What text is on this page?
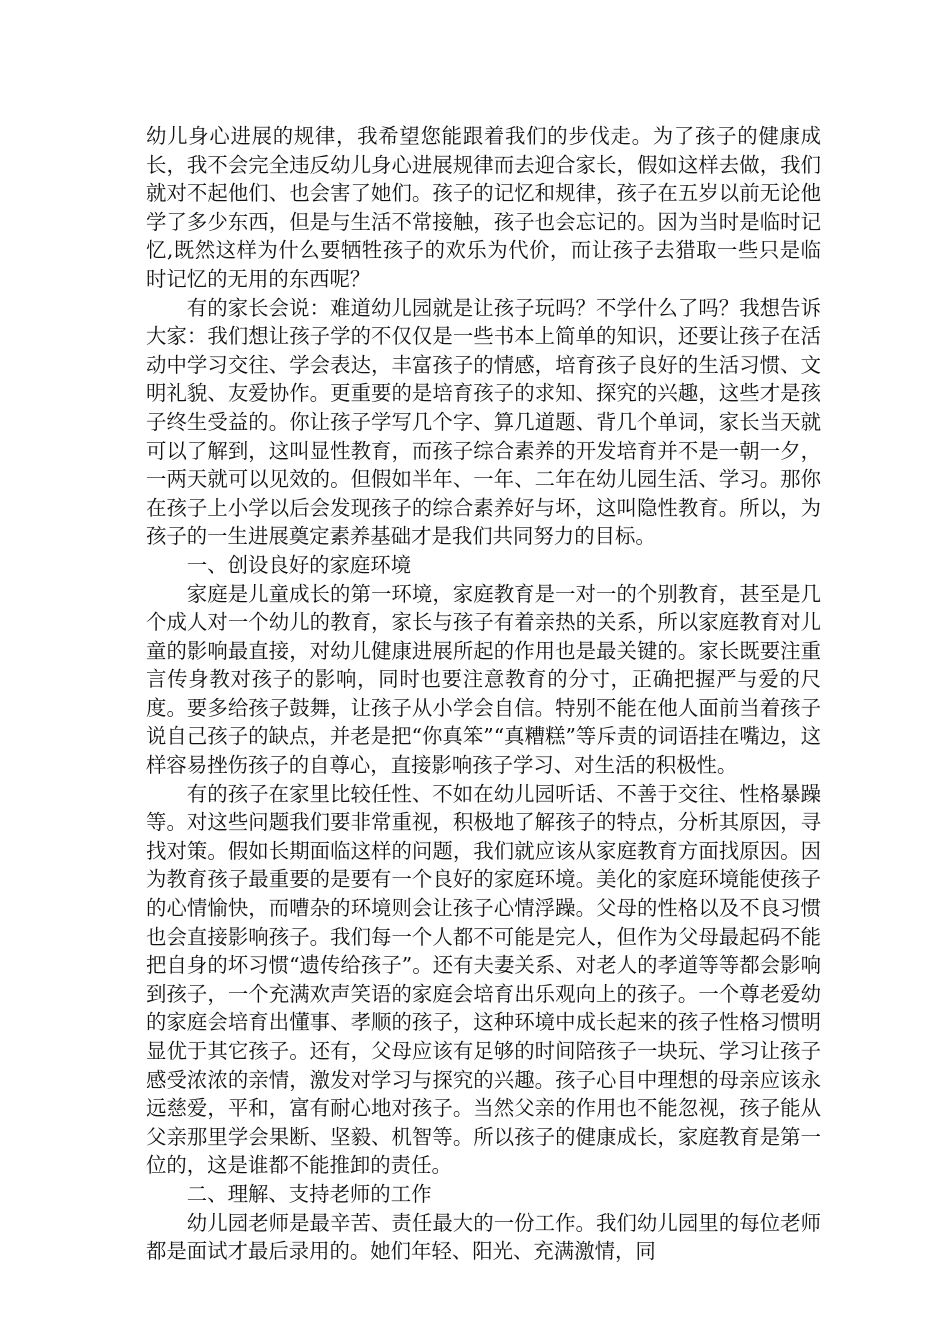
幼儿身心进展的规律，我希望您能跟着我们的步伐走。为了孩子的健康成长，我不会完全违反幼儿身心进展规律而去迎合家长，假如这样去做，我们就对不起他们、也会害了她们。孩子的记忆和规律，孩子在五岁以前无论他学了多少东西，但是与生活不常接触，孩子也会忘记的。因为当时是临时记忆,既然这样为什么要牺牲孩子的欢乐为代价，而让孩子去猎取一些只是临时记忆的无用的东西呢？

有的家长会说：难道幼儿园就是让孩子玩吗？不学什么了吗？我想告诉大家：我们想让孩子学的不仅仅是一些书本上简单的知识，还要让孩子在活动中学习交往、学会表达，丰富孩子的情感，培育孩子良好的生活习惯、文明礼貌、友爱协作。更重要的是培育孩子的求知、探究的兴趣，这些才是孩子终生受益的。你让孩子学写几个字、算几道题、背几个单词，家长当天就可以了解到，这叫显性教育，而孩子综合素养的开发培育并不是一朝一夕，一两天就可以见效的。但假如半年、一年、二年在幼儿园生活、学习。那你在孩子上小学以后会发现孩子的综合素养好与坏，这叫隐性教育。所以，为孩子的一生进展奠定素养基础才是我们共同努力的目标。

一、创设良好的家庭环境

家庭是儿童成长的第一环境，家庭教育是一对一的个别教育，甚至是几个成人对一个幼儿的教育，家长与孩子有着亲热的关系，所以家庭教育对儿童的影响最直接，对幼儿健康进展所起的作用也是最关键的。家长既要注重言传身教对孩子的影响，同时也要注意教育的分寸，正确把握严与爱的尺度。要多给孩子鼓舞，让孩子从小学会自信。特别不能在他人面前当着孩子说自己孩子的缺点，并老是把“你真笨”“真糟糕”等斥责的词语挂在嘴边，这样容易挫伤孩子的自尊心，直接影响孩子学习、对生活的积极性。

有的孩子在家里比较任性、不如在幼儿园听话、不善于交往、性格暴躁等。对这些问题我们要非常重视，积极地了解孩子的特点，分析其原因，寻找对策。假如长期面临这样的问题，我们就应该从家庭教育方面找原因。因为教育孩子最重要的是要有一个良好的家庭环境。美化的家庭环境能使孩子的心情愉快，而嘈杂的环境则会让孩子心情浮躁。父母的性格以及不良习惯也会直接影响孩子。我们每一个人都不可能是完人，但作为父母最起码不能把自身的坏习惯“遗传给孩子”。还有夫妻关系、对老人的孝道等等都会影响到孩子，一个充满欢声笑语的家庭会培育出乐观向上的孩子。一个尊老爱幼的家庭会培育出懂事、孝顺的孩子，这种环境中成长起来的孩子性格习惯明显优于其它孩子。还有，父母应该有足够的时间陪孩子一块玩、学习让孩子感受浓浓的亲情，激发对学习与探究的兴趣。孩子心目中理想的母亲应该永远慈爱，平和，富有耐心地对孩子。当然父亲的作用也不能忽视，孩子能从父亲那里学会果断、坚毅、机智等。所以孩子的健康成长，家庭教育是第一位的，这是谁都不能推卸的责任。

二、理解、支持老师的工作

幼儿园老师是最辛苦、责任最大的一份工作。我们幼儿园里的每位老师都是面试才最后录用的。她们年轻、阳光、充满激情，同
